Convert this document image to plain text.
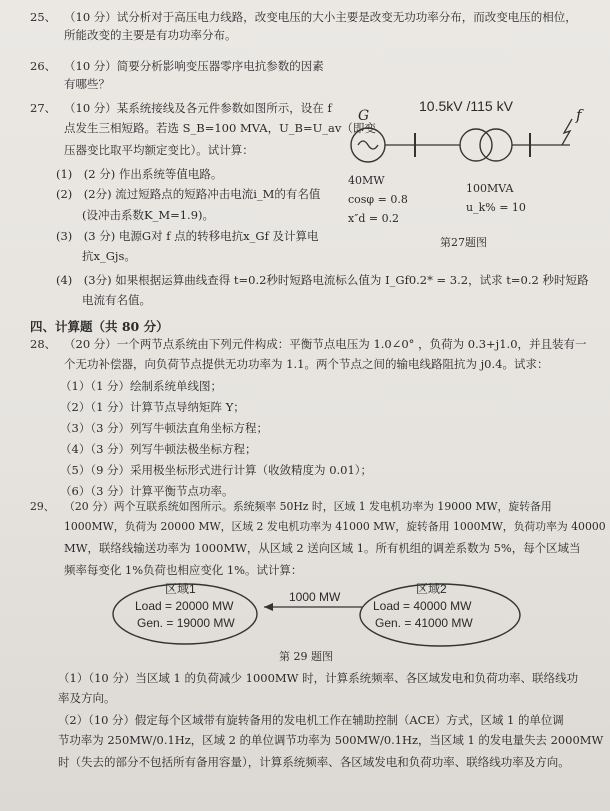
25、 （10 分）试分析对于高压电力线路，改变电压的大小主要是改变无功功率分布，而改变电压的相位，
所能改变的主要是有功功率分布。
26、 （10 分）简要分析影响变压器零序电抗参数的因素
有哪些？
27、 （10 分）某系统接线及各元件参数如图所示，设在 f
点发生三相短路。若选 S_B=100 MVA，U_B=U_av（即变
压器变比取平均额定变比）。试计算：
(1)　(2 分) 作出系统等值电路。
(2)　(2分) 流过短路点的短路冲击电流i_M的有名值
(设冲击系数K_M=1.9)。
(3)　(3 分) 电源G对 f 点的转移电抗x_Gf 及计算电
抗x_Gjs。
(4)　(3分) 如果根据运算曲线查得 t=0.2秒时短路电流标么值为 I_Gf0.2* = 3.2，试求 t=0.2 秒时短路
电流有名值。
10.5kV /115 kV
G	f
40MW
cosφ = 0.8
x″d = 0.2
100MVA
u_k% = 10
第27题图
四、计算题（共 80 分）
28、 （20 分）一个两节点系统由下列元件构成：平衡节点电压为 1.0∠0° ，负荷为 0.3+j1.0，并且装有一
个无功补偿器，向负荷节点提供无功功率为 1.1。两个节点之间的输电线路阻抗为 j0.4。试求：
（1）（1 分）绘制系统单线图；
（2）（1 分）计算节点导纳矩阵 Y；
（3）（3 分）列写牛顿法直角坐标方程；
（4）（3 分）列写牛顿法极坐标方程；
（5）（9 分）采用极坐标形式进行计算（收敛精度为 0.01）；
（6）（3 分）计算平衡节点功率。
29、 （20 分）两个互联系统如图所示。系统频率 50Hz 时，区域 1 发电机功率为 19000 MW，旋转备用
1000MW，负荷为 20000 MW，区域 2 发电机功率为 41000 MW，旋转备用 1000MW，负荷功率为 40000
MW，联络线输送功率为 1000MW，从区域 2 送向区域 1。所有机组的调差系数为 5%，每个区域当
频率每变化 1%负荷也相应变化 1%。试计算：
区域1
Load = 20000 MW
Gen. = 19000 MW
1000 MW
区域2
Load = 40000 MW
Gen. = 41000 MW
第 29 题图
（1）（10 分）当区域 1 的负荷减少 1000MW 时，计算系统频率、各区域发电和负荷功率、联络线功
率及方向。
（2）（10 分）假定每个区域带有旋转备用的发电机工作在辅助控制（ACE）方式，区域 1 的单位调
节功率为 250MW/0.1Hz，区域 2 的单位调节功率为 500MW/0.1Hz，当区域 1 的发电量失去 2000MW
时（失去的部分不包括所有备用容量），计算系统频率、各区域发电和负荷功率、联络线功率及方向。
